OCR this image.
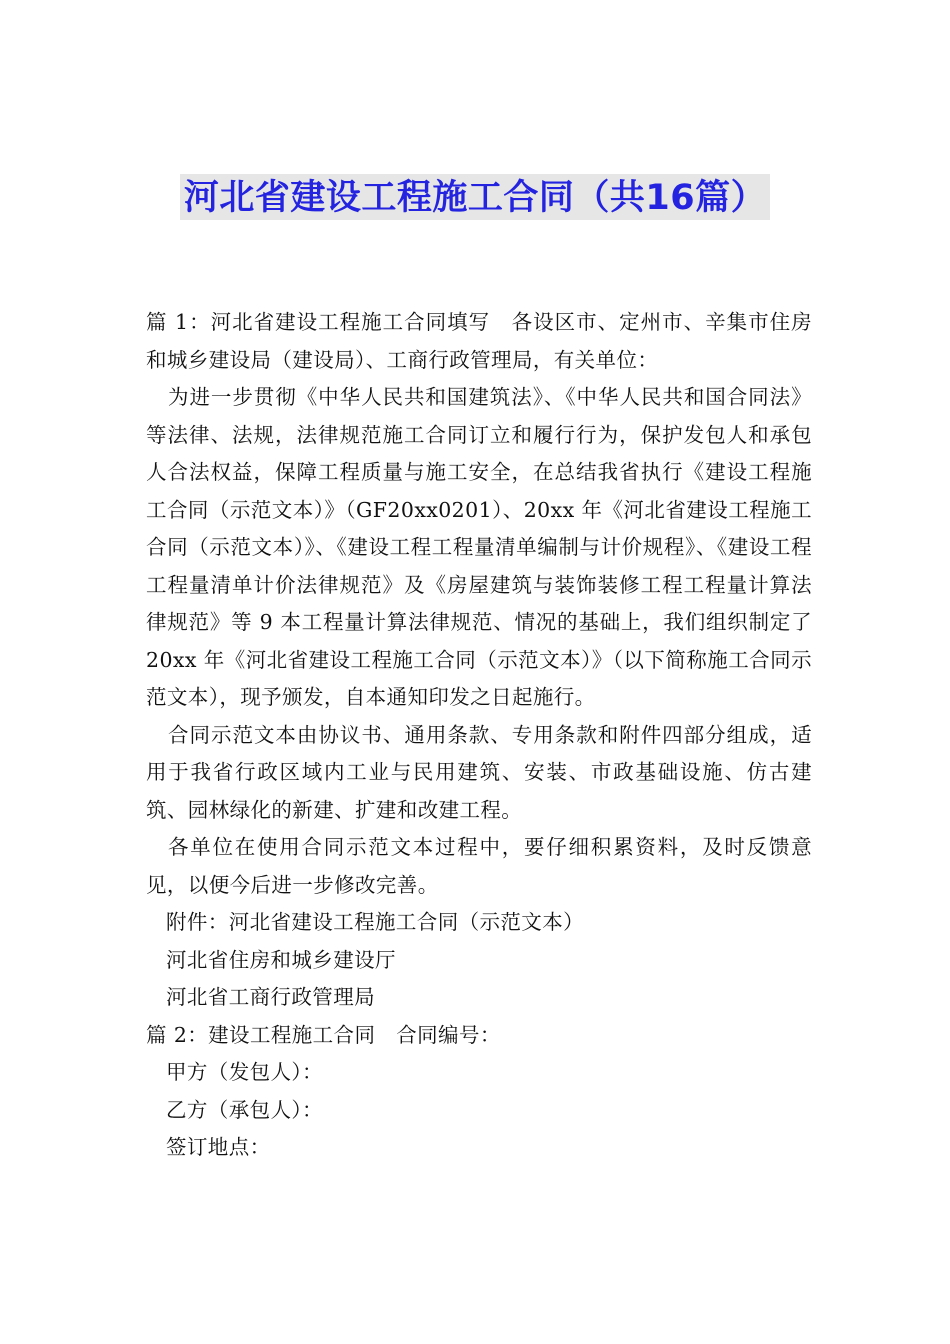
河北省建设工程施工合同（共16篇）

篇 1：河北省建设工程施工合同填写　各设区市、定州市、辛集市住房和城乡建设局（建设局）、工商行政管理局，有关单位：

为进一步贯彻《中华人民共和国建筑法》、《中华人民共和国合同法》等法律、法规，法律规范施工合同订立和履行行为，保护发包人和承包人合法权益，保障工程质量与施工安全，在总结我省执行《建设工程施工合同（示范文本）》（GF20xx0201）、20xx 年《河北省建设工程施工合同（示范文本）》、《建设工程工程量清单编制与计价规程》、《建设工程工程量清单计价法律规范》及《房屋建筑与装饰装修工程工程量计算法律规范》等 9 本工程量计算法律规范、情况的基础上，我们组织制定了 20xx 年《河北省建设工程施工合同（示范文本）》（以下简称施工合同示范文本），现予颁发，自本通知印发之日起施行。

合同示范文本由协议书、通用条款、专用条款和附件四部分组成，适用于我省行政区域内工业与民用建筑、安装、市政基础设施、仿古建筑、园林绿化的新建、扩建和改建工程。

各单位在使用合同示范文本过程中，要仔细积累资料，及时反馈意见，以便今后进一步修改完善。

附件：河北省建设工程施工合同（示范文本）

河北省住房和城乡建设厅

河北省工商行政管理局

篇 2：建设工程施工合同　合同编号：

甲方（发包人）：

乙方（承包人）：

签订地点：
